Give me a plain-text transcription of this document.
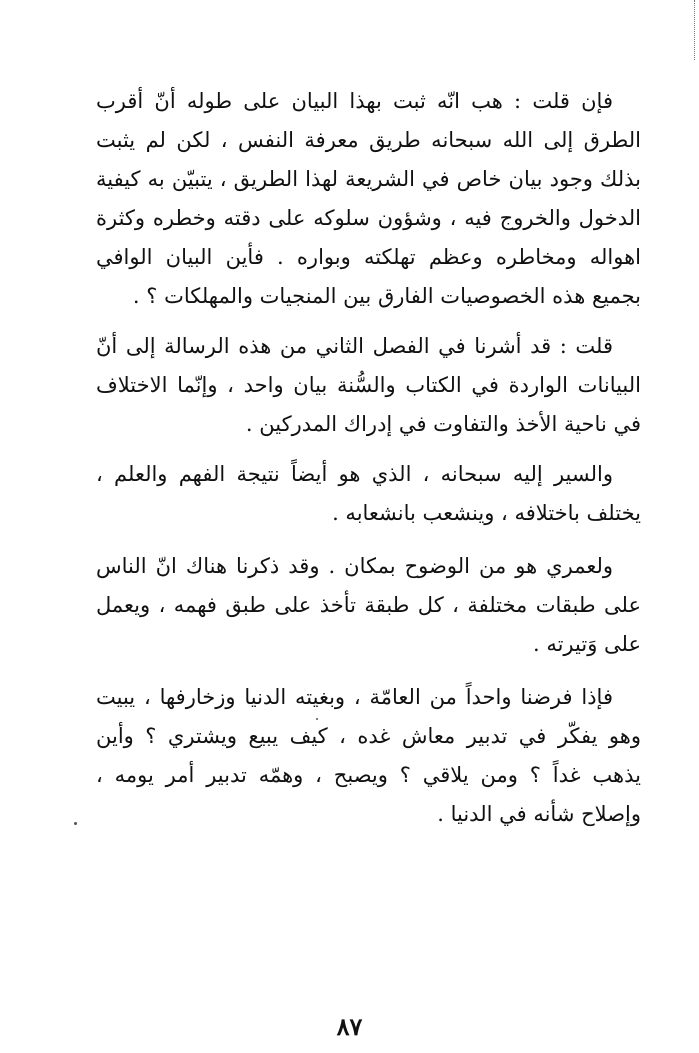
فإن قلت : هب انّه ثبت بهذا البيان على طوله أنّ أقرب الطرق إلى الله سبحانه طريق معرفة النفس ، لكن لم يثبت بذلك وجود بيان خاص في الشريعة لهذا الطريق ، يتبيّن به كيفية الدخول والخروج فيه ، وشؤون سلوكه على دقته وخطره وكثرة اهواله ومخاطره وعظم تهلكته وبواره . فأين البيان الوافي بجميع هذه الخصوصيات الفارق بين المنجيات والمهلكات ؟ .

قلت : قد أشرنا في الفصل الثاني من هذه الرسالة إلى أنّ البيانات الواردة في الكتاب والسُّنة بيان واحد ، وإنّما الاختلاف في ناحية الأخذ والتفاوت في إدراك المدركين .

والسير إليه سبحانه ، الذي هو أيضاً نتيجة الفهم والعلم ، يختلف باختلافه ، وينشعب بانشعابه .

ولعمري هو من الوضوح بمكان . وقد ذكرنا هناك انّ الناس على طبقات مختلفة ، كل طبقة تأخذ على طبق فهمه ، ويعمل على وَتيرته .

فإذا فرضنا واحداً من العامّة ، وبغيته الدنيا وزخارفها ، يبيت وهو يفكّر في تدبير معاش غده ، كيف يبيع ويشتري ؟ وأين يذهب غداً ؟ ومن يلاقي ؟ ويصبح ، وهمّه تدبير أمر يومه ، وإصلاح شأنه في الدنيا .

٨٧
